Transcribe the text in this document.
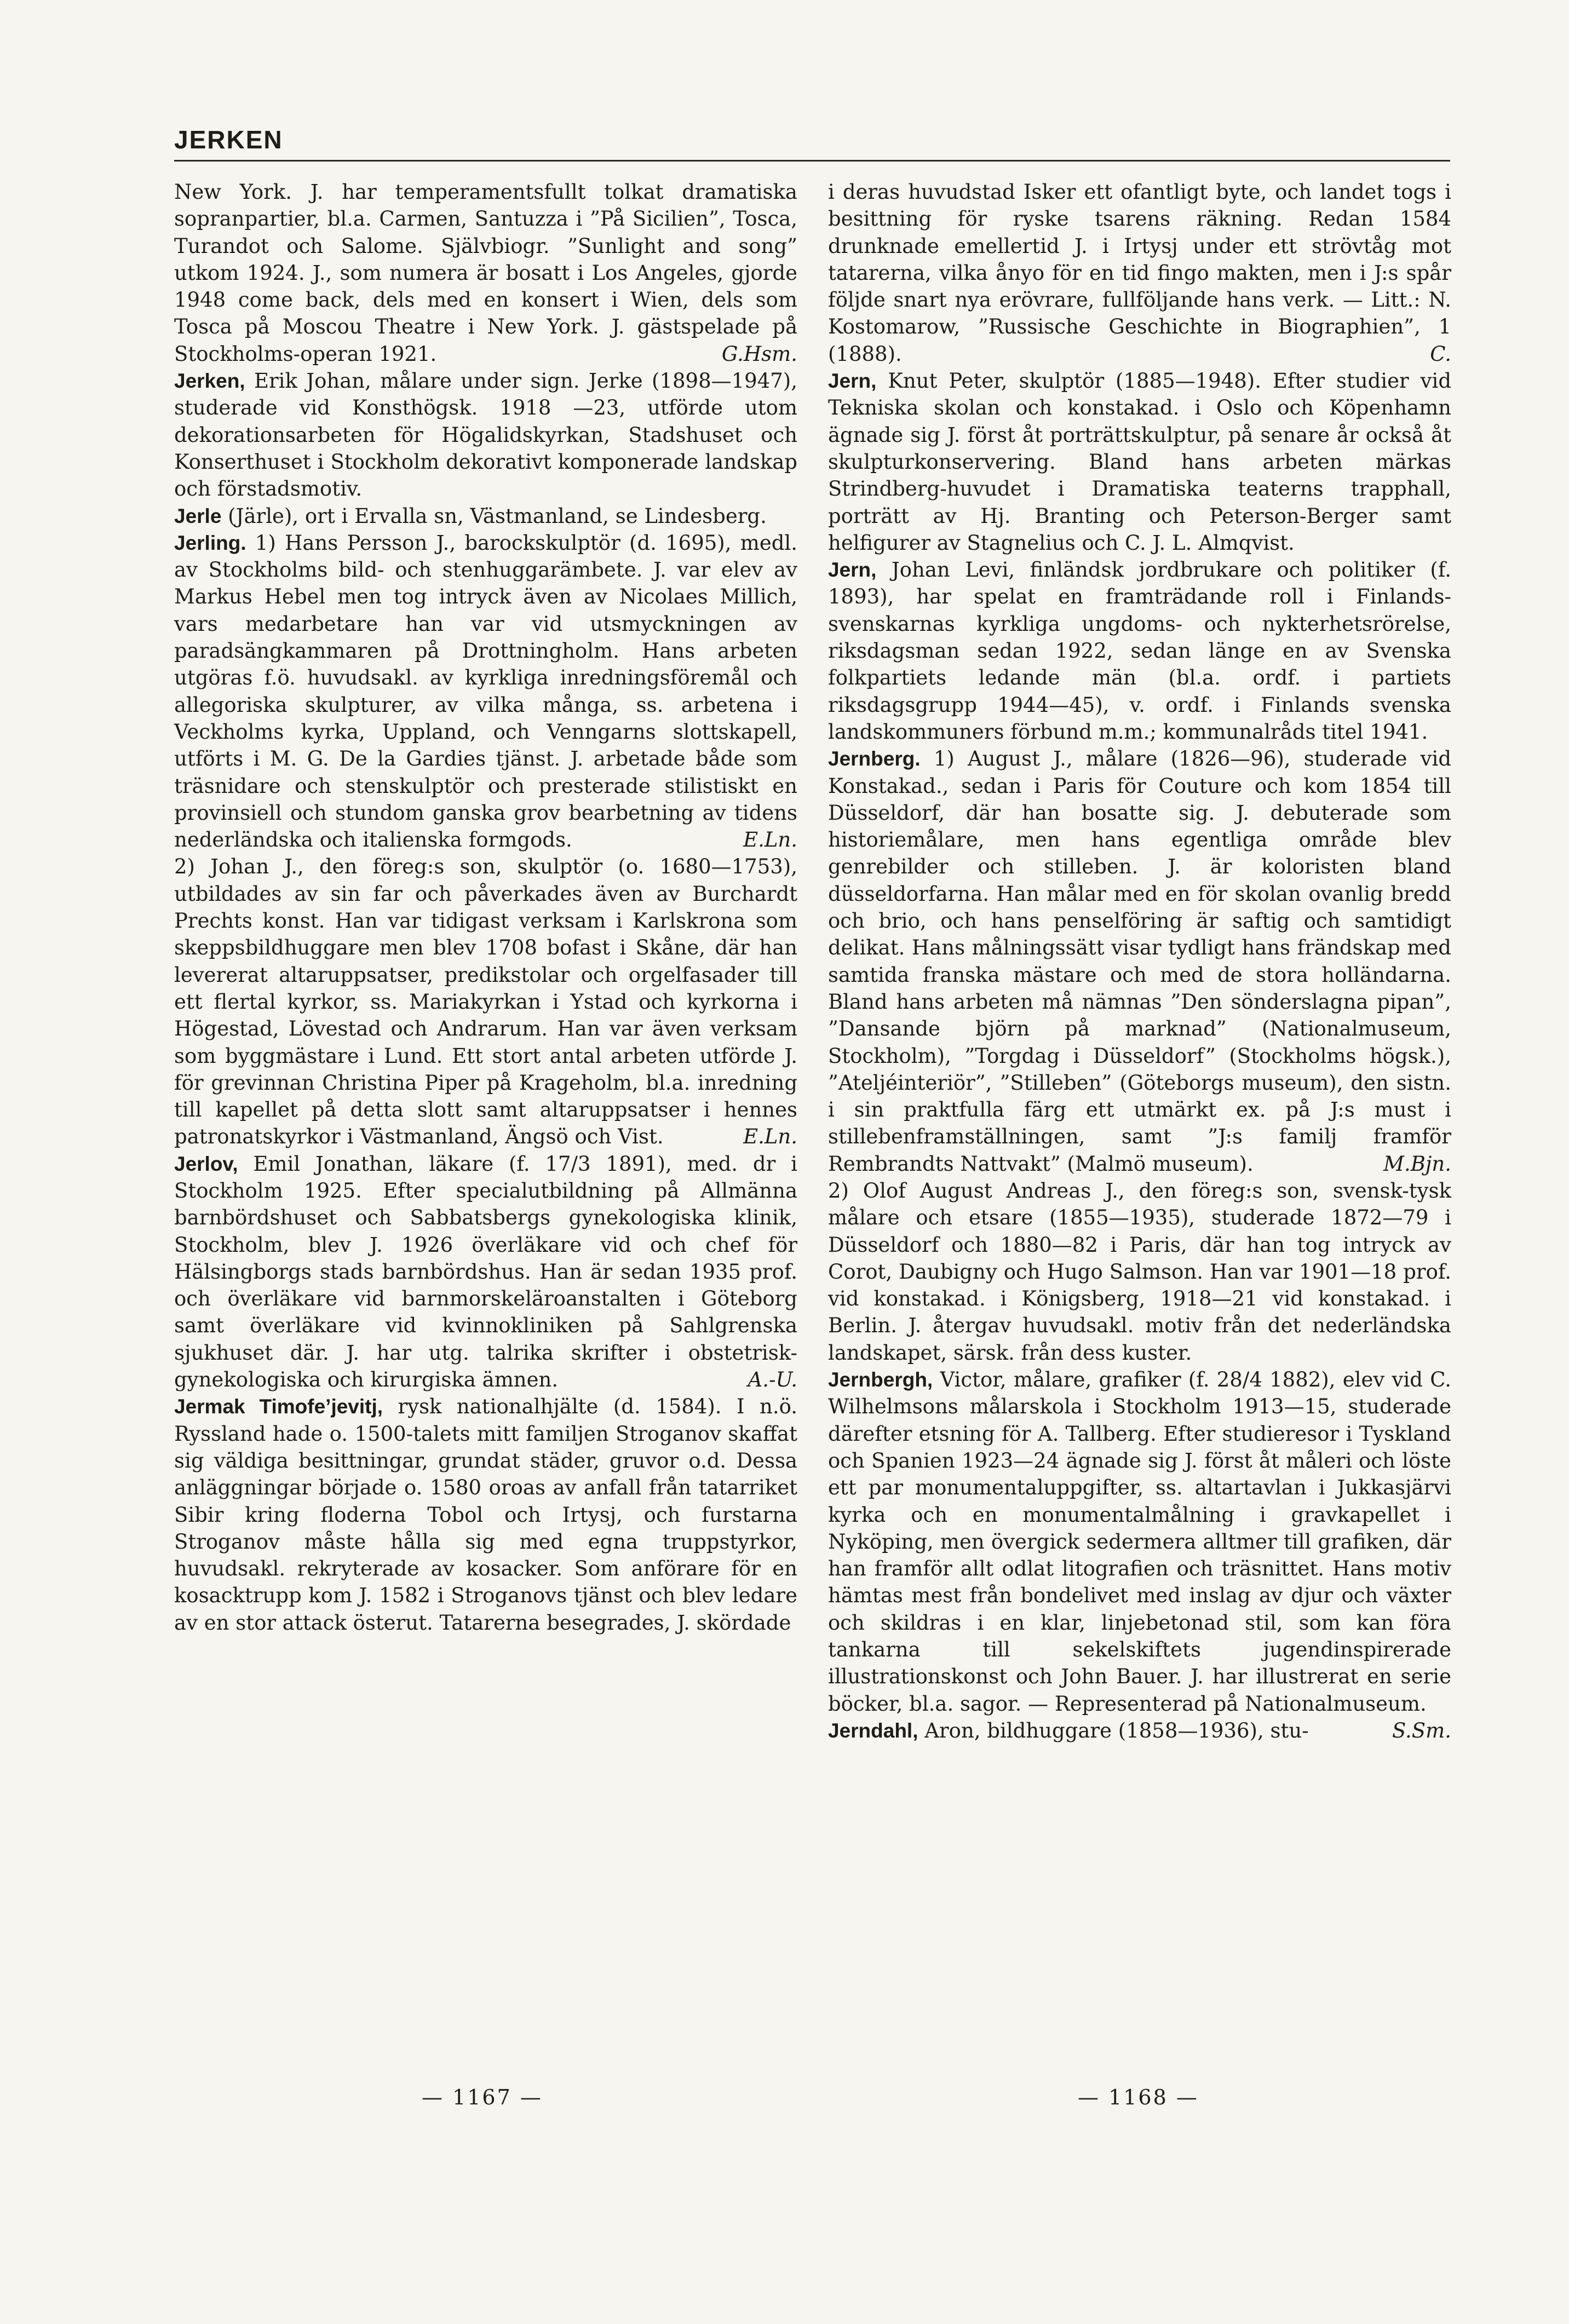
JERKEN

New York. J. har temperamentsfullt tolkat dramatiska sopranpartier, bl.a. Carmen, Santuzza i ”På Sicilien”, Tosca, Turandot och Salome. Självbiogr. ”Sunlight and song” utkom 1924. J., som numera är bosatt i Los Angeles, gjorde 1948 come back, dels med en konsert i Wien, dels som Tosca på Moscou Theatre i New York. J. gästspelade på Stockholms-operan 1921.	G.Hsm.

Jerken, Erik Johan, målare under sign. Jerke (1898—1947), studerade vid Konsthögsk. 1918 —23, utförde utom dekorationsarbeten för Högalidskyrkan, Stadshuset och Konserthuset i Stockholm dekorativt komponerade landskap och förstadsmotiv.

Jerle (Järle), ort i Ervalla sn, Västmanland, se Lindesberg.

Jerling. 1) Hans Persson J., barockskulptör (d. 1695), medl. av Stockholms bild- och stenhuggarämbete. J. var elev av Markus Hebel men tog intryck även av Nicolaes Millich, vars medarbetare han var vid utsmyckningen av paradsängkammaren på Drottningholm. Hans arbeten utgöras f.ö. huvudsakl. av kyrkliga inredningsföremål och allegoriska skulpturer, av vilka många, ss. arbetena i Veckholms kyrka, Uppland, och Venngarns slottskapell, utförts i M. G. De la Gardies tjänst. J. arbetade både som träsnidare och stenskulptör och presterade stilistiskt en provinsiell och stundom ganska grov bearbetning av tidens nederländska och italienska formgods.	E.Ln.

2) Johan J., den föreg:s son, skulptör (o. 1680—1753), utbildades av sin far och påverkades även av Burchardt Prechts konst. Han var tidigast verksam i Karlskrona som skeppsbildhuggare men blev 1708 bofast i Skåne, där han levererat altaruppsatser, predikstolar och orgelfasader till ett flertal kyrkor, ss. Mariakyrkan i Ystad och kyrkorna i Högestad, Lövestad och Andrarum. Han var även verksam som byggmästare i Lund. Ett stort antal arbeten utförde J. för grevinnan Christina Piper på Krageholm, bl.a. inredning till kapellet på detta slott samt altaruppsatser i hennes patronatskyrkor i Västmanland, Ängsö och Vist.	E.Ln.

Jerlov, Emil Jonathan, läkare (f. 17/3 1891), med. dr i Stockholm 1925. Efter specialutbildning på Allmänna barnbördshuset och Sabbatsbergs gynekologiska klinik, Stockholm, blev J. 1926 överläkare vid och chef för Hälsingborgs stads barnbördshus. Han är sedan 1935 prof. och överläkare vid barnmorskeläroanstalten i Göteborg samt överläkare vid kvinnokliniken på Sahlgrenska sjukhuset där. J. har utg. talrika skrifter i obstetrisk-gynekologiska och kirurgiska ämnen.	A.-U.

Jermak Timofe’jevitj, rysk nationalhjälte (d. 1584). I n.ö. Ryssland hade o. 1500-talets mitt familjen Stroganov skaffat sig väldiga besittningar, grundat städer, gruvor o.d. Dessa anläggningar började o. 1580 oroas av anfall från tatarriket Sibir kring floderna Tobol och Irtysj, och furstarna Stroganov måste hålla sig med egna truppstyrkor, huvudsakl. rekryterade av kosacker. Som anförare för en kosacktrupp kom J. 1582 i Stroganovs tjänst och blev ledare av en stor attack österut. Tatarerna besegrades, J. skördade

i deras huvudstad Isker ett ofantligt byte, och landet togs i besittning för ryske tsarens räkning. Redan 1584 drunknade emellertid J. i Irtysj under ett strövtåg mot tatarerna, vilka ånyo för en tid fingo makten, men i J:s spår följde snart nya erövrare, fullföljande hans verk. — Litt.: N. Kostomarow, ”Russische Geschichte in Biographien”, 1 (1888).	C.

Jern, Knut Peter, skulptör (1885—1948). Efter studier vid Tekniska skolan och konstakad. i Oslo och Köpenhamn ägnade sig J. först åt porträttskulptur, på senare år också åt skulpturkonservering. Bland hans arbeten märkas Strindberg-huvudet i Dramatiska teaterns trapphall, porträtt av Hj. Branting och Peterson-Berger samt helfigurer av Stagnelius och C. J. L. Almqvist.

Jern, Johan Levi, finländsk jordbrukare och politiker (f. 1893), har spelat en framträdande roll i Finlands-svenskarnas kyrkliga ungdoms- och nykterhetsrörelse, riksdagsman sedan 1922, sedan länge en av Svenska folkpartiets ledande män (bl.a. ordf. i partiets riksdagsgrupp 1944—45), v. ordf. i Finlands svenska landskommuners förbund m.m.; kommunalråds titel 1941.

Jernberg. 1) August J., målare (1826—96), studerade vid Konstakad., sedan i Paris för Couture och kom 1854 till Düsseldorf, där han bosatte sig. J. debuterade som historiemålare, men hans egentliga område blev genrebilder och stilleben. J. är koloristen bland düsseldorfarna. Han målar med en för skolan ovanlig bredd och brio, och hans penselföring är saftig och samtidigt delikat. Hans målningssätt visar tydligt hans frändskap med samtida franska mästare och med de stora holländarna. Bland hans arbeten må nämnas ”Den sönderslagna pipan”, ”Dansande björn på marknad” (Nationalmuseum, Stockholm), ”Torgdag i Düsseldorf” (Stockholms högsk.), ”Ateljéinteriör”, ”Stilleben” (Göteborgs museum), den sistn. i sin praktfulla färg ett utmärkt ex. på J:s must i stillebenframställningen, samt ”J:s familj framför Rembrandts Nattvakt” (Malmö museum).	M.Bjn.

2) Olof August Andreas J., den föreg:s son, svensk-tysk målare och etsare (1855—1935), studerade 1872—79 i Düsseldorf och 1880—82 i Paris, där han tog intryck av Corot, Daubigny och Hugo Salmson. Han var 1901—18 prof. vid konstakad. i Königsberg, 1918—21 vid konstakad. i Berlin. J. återgav huvudsakl. motiv från det nederländska landskapet, särsk. från dess kuster.

Jernbergh, Victor, målare, grafiker (f. 28/4 1882), elev vid C. Wilhelmsons målarskola i Stockholm 1913—15, studerade därefter etsning för A. Tallberg. Efter studieresor i Tyskland och Spanien 1923—24 ägnade sig J. först åt måleri och löste ett par monumentaluppgifter, ss. altartavlan i Jukkasjärvi kyrka och en monumentalmålning i gravkapellet i Nyköping, men övergick sedermera alltmer till grafiken, där han framför allt odlat litografien och träsnittet. Hans motiv hämtas mest från bondelivet med inslag av djur och växter och skildras i en klar, linjebetonad stil, som kan föra tankarna till sekelskiftets jugendinspirerade illustrationskonst och John Bauer. J. har illustrerat en serie böcker, bl.a. sagor. — Representerad på Nationalmuseum.
S.Sm.

Jerndahl, Aron, bildhuggare (1858—1936), stu-

— 1167 —	— 1168 —
